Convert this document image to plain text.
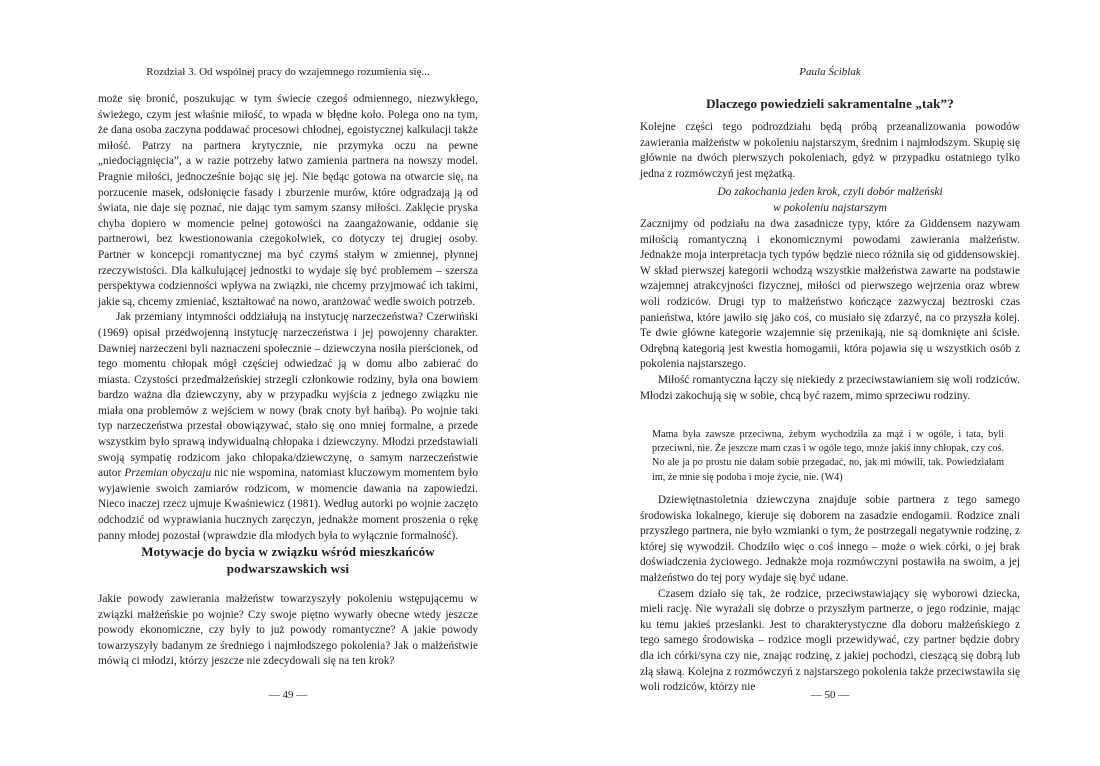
Rozdział 3. Od wspólnej pracy do wzajemnego rozumienia się...

może się bronić, poszukując w tym świecie czegoś odmiennego, niezwykłego, świeżego, czym jest właśnie miłość, to wpada w błędne koło. Polega ono na tym, że dana osoba zaczyna poddawać procesowi chłodnej, egoistycznej kalkulacji także miłość. Patrzy na partnera krytycznie, nie przymyka oczu na pewne „niedociągnięcia”, a w razie potrzeby łatwo zamienia partnera na nowszy model. Pragnie miłości, jednocześnie bojąc się jej. Nie będąc gotowa na otwarcie się, na porzucenie masek, odsłonięcie fasady i zburzenie murów, które odgradzają ją od świata, nie daje się poznać, nie dając tym samym szansy miłości. Zaklęcie pryska chyba dopiero w momencie pełnej gotowości na zaangażowanie, oddanie się partnerowi, bez kwestionowania czegokolwiek, co dotyczy tej drugiej osoby. Partner w koncepcji romantycznej ma być czymś stałym w zmiennej, płynnej rzeczywistości. Dla kalkulującej jednostki to wydaje się być problemem – szersza perspektywa codzienności wpływa na związki, nie chcemy przyjmować ich takimi, jakie są, chcemy zmieniać, kształtować na nowo, aranżować wedle swoich potrzeb.

Jak przemiany intymności oddziałują na instytucję narzeczeństwa? Czerwiński (1969) opisał przedwojenną instytucję narzeczeństwa i jej powojenny charakter. Dawniej narzeczeni byli naznaczeni społecznie – dziewczyna nosiła pierścionek, od tego momentu chłopak mógł częściej odwiedzać ją w domu albo zabierać do miasta. Czystości przedmałżeńskiej strzegli członkowie rodziny, była ona bowiem bardzo ważna dla dziewczyny, aby w przypadku wyjścia z jednego związku nie miała ona problemów z wejściem w nowy (brak cnoty był hańbą). Po wojnie taki typ narzeczeństwa przestał obowiązywać, stało się ono mniej formalne, a przede wszystkim było sprawą indywidualną chłopaka i dziewczyny. Młodzi przedstawiali swoją sympatię rodzicom jako chłopaka/dziewczynę, o samym narzeczeństwie autor Przemian obyczaju nic nie wspomina, natomiast kluczowym momentem było wyjawienie swoich zamiarów rodzicom, w momencie dawania na zapowiedzi. Nieco inaczej rzecz ujmuje Kwaśniewicz (1981). Według autorki po wojnie zaczęto odchodzić od wyprawiania hucznych zaręczyn, jednakże moment proszenia o rękę panny młodej pozostał (wprawdzie dla młodych była to wyłącznie formalność).

Motywacje do bycia w związku wśród mieszkańców
podwarszawskich wsi

Jakie powody zawierania małżeństw towarzyszyły pokoleniu wstępującemu w związki małżeńskie po wojnie? Czy swoje piętno wywarły obecne wtedy jeszcze powody ekonomiczne, czy były to już powody romantyczne? A jakie powody towarzyszyły badanym ze średniego i najmłodszego pokolenia? Jak o małżeństwie mówią ci młodzi, którzy jeszcze nie zdecydowali się na ten krok?

— 49 —
Paula Ściblak
Dlaczego powiedzieli sakramentalne „tak”?

Kolejne części tego podrozdziału będą próbą przeanalizowania powodów zawierania małżeństw w pokoleniu najstarszym, średnim i najmłodszym. Skupię się głównie na dwóch pierwszych pokoleniach, gdyż w przypadku ostatniego tylko jedna z rozmówczyń jest mężatką.

Do zakochania jeden krok, czyli dobór małżeński
w pokoleniu najstarszym

Zacznijmy od podziału na dwa zasadnicze typy, które za Giddensem nazywam miłością romantyczną i ekonomicznymi powodami zawierania małżeństw. Jednakże moja interpretacja tych typów będzie nieco różniła się od giddensowskiej. W skład pierwszej kategorii wchodzą wszystkie małżeństwa zawarte na podstawie wzajemnej atrakcyjności fizycznej, miłości od pierwszego wejrzenia oraz wbrew woli rodziców. Drugi typ to małżeństwo kończące zazwyczaj beztroski czas panieństwa, które jawiło się jako coś, co musiało się zdarzyć, na co przyszła kolej. Te dwie główne kategorie wzajemnie się przenikają, nie są domknięte ani ścisłe. Odrębną kategorią jest kwestia homogamii, która pojawia się u wszystkich osób z pokolenia najstarszego.

Miłość romantyczna łączy się niekiedy z przeciwstawianiem się woli rodziców. Młodzi zakochują się w sobie, chcą być razem, mimo sprzeciwu rodziny.

Mama była zawsze przeciwna, żebym wychodziła za mąż i w ogóle, i tata, byli przeciwni, nie. Że jeszcze mam czas i w ogóle tego, może jakiś inny chłopak, czy coś. No ale ja po prostu nie dałam sobie przegadać, no, jak mi mówili, tak. Powiedziałam im, że mnie się podoba i moje życie, nie. (W4)

Dziewiętnastoletnia dziewczyna znajduje sobie partnera z tego samego środowiska lokalnego, kieruje się doborem na zasadzie endogamii. Rodzice znali przyszłego partnera, nie było wzmianki o tym, że postrzegali negatywnie rodzinę, z której się wywodził. Chodziło więc o coś innego – może o wiek córki, o jej brak doświadczenia życiowego. Jednakże moja rozmówczyni postawiła na swoim, a jej małżeństwo do tej pory wydaje się być udane.

Czasem działo się tak, że rodzice, przeciwstawiający się wyborowi dziecka, mieli rację. Nie wyrażali się dobrze o przyszłym partnerze, o jego rodzinie, mając ku temu jakieś przesłanki. Jest to charakterystyczne dla doboru małżeńskiego z tego samego środowiska – rodzice mogli przewidywać, czy partner będzie dobry dla ich córki/syna czy nie, znając rodzinę, z jakiej pochodzi, cieszącą się dobrą lub złą sławą. Kolejna z rozmówczyń z najstarszego pokolenia także przeciwstawiła się woli rodziców, którzy nie

— 50 —
